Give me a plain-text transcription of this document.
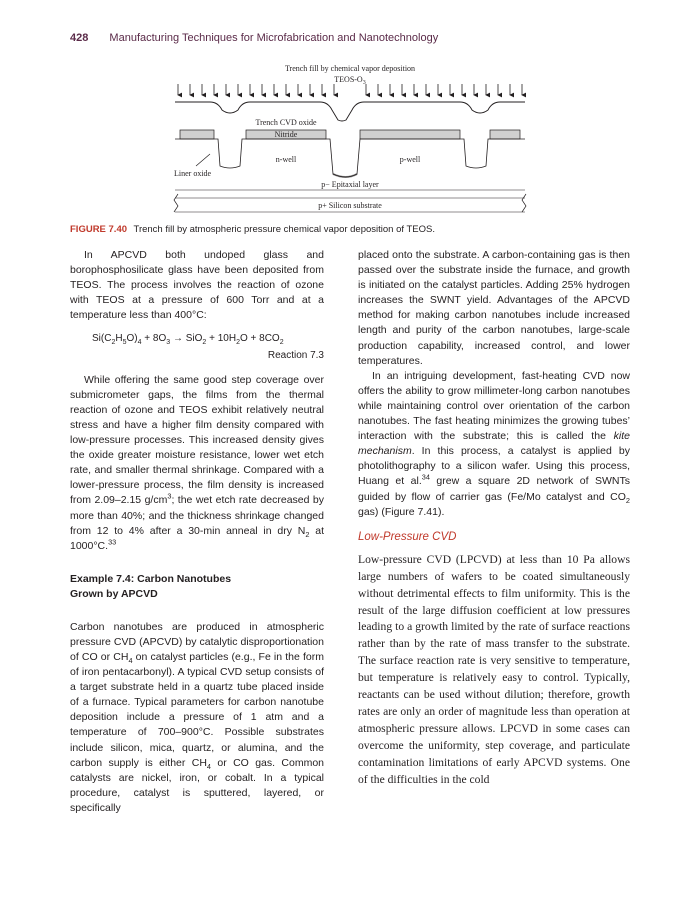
428 Manufacturing Techniques for Microfabrication and Nanotechnology
Trench fill by chemical vapor deposition
TEOS-$O_3$
Trench CVD oxide
Nitride
n-well	p-well
Liner oxide
p− Epitaxial layer
p+ Silicon substrate
FIGURE 7.40 Trench fill by atmospheric pressure chemical vapor deposition of TEOS.

In APCVD both undoped glass and borophosphosilicate glass have been deposited from TEOS. The process involves the reaction of ozone with TEOS at a pressure of 600 Torr and at a temperature less than 400°C:

$Si(C_2H_5O)_4 + 8O_3 \to SiO_2 + 10H_2O + 8CO_2$
Reaction 7.3

While offering the same good step coverage over submicrometer gaps, the films from the thermal reaction of ozone and TEOS exhibit relatively neutral stress and have a higher film density compared with low-pressure processes. This increased density gives the oxide greater moisture resistance, lower wet etch rate, and smaller thermal shrinkage. Compared with a lower-pressure process, the film density is increased from 2.09–2.15 $g/cm^3$; the wet etch rate decreased by more than 40%; and the thickness shrinkage changed from 12 to 4% after a 30-min anneal in dry $N_2$ at 1000°C.$^{33}$

Example 7.4: Carbon Nanotubes
Grown by APCVD

Carbon nanotubes are produced in atmospheric pressure CVD (APCVD) by catalytic disproportionation of CO or $CH_4$ on catalyst particles (e.g., Fe in the form of iron pentacarbonyl). A typical CVD setup consists of a target substrate held in a quartz tube placed inside of a furnace. Typical parameters for carbon nanotube deposition include a pressure of 1 atm and a temperature of 700–900°C. Possible substrates include silicon, mica, quartz, or alumina, and the carbon supply is either $CH_4$ or CO gas. Common catalysts are nickel, iron, or cobalt. In a typical procedure, catalyst is sputtered, layered, or specifically

placed onto the substrate. A carbon-containing gas is then passed over the substrate inside the furnace, and growth is initiated on the catalyst particles. Adding 25% hydrogen increases the SWNT yield. Advantages of the APCVD method for making carbon nanotubes include increased length and purity of the carbon nanotubes, large-scale production capability, increased control, and lower temperatures.

In an intriguing development, fast-heating CVD now offers the ability to grow millimeter-long carbon nanotubes while maintaining control over orientation of the carbon nanotubes. The fast heating minimizes the growing tubes’ interaction with the substrate; this is called the kite mechanism. In this process, a catalyst is applied by photolithography to a silicon wafer. Using this process, Huang et al.$^{34}$ grew a square 2D network of SWNTs guided by flow of carrier gas (Fe/Mo catalyst and $CO_2$ gas) (Figure 7.41).

Low-Pressure CVD

Low-pressure CVD (LPCVD) at less than 10 Pa allows large numbers of wafers to be coated simultaneously without detrimental effects to film uniformity. This is the result of the large diffusion coefficient at low pressures leading to a growth limited by the rate of surface reactions rather than by the rate of mass transfer to the substrate. The surface reaction rate is very sensitive to temperature, but temperature is relatively easy to control. Typically, reactants can be used without dilution; therefore, growth rates are only an order of magnitude less than operation at atmospheric pressure allows. LPCVD in some cases can overcome the uniformity, step coverage, and particulate contamination limitations of early APCVD systems. One of the difficulties in the cold
